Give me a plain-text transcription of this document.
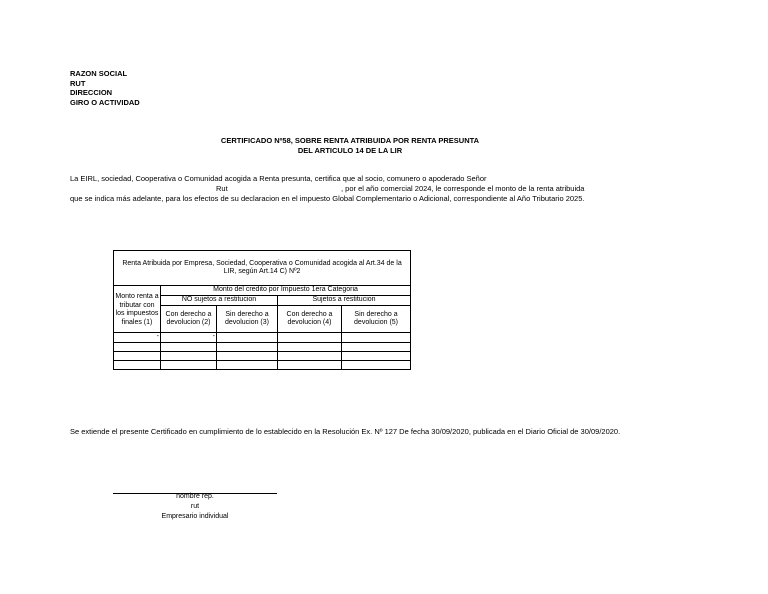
RAZON SOCIAL
RUT
DIRECCION
GIRO O ACTIVIDAD
CERTIFICADO Nº58, SOBRE RENTA ATRIBUIDA POR RENTA PRESUNTA
DEL ARTICULO 14 DE LA LIR
La EIRL, sociedad, Cooperativa o Comunidad acogida a Renta presunta, certifica que al socio, comunero o apoderado Señor
Rut	, por el año comercial 2024, le corresponde el monto de la renta atribuida
que se indica más adelante, para los efectos de su declaracion en el impuesto Global Complementario o Adicional, correspondiente al Año Tributario 2025.
Renta Atribuida por Empresa, Sociedad, Cooperativa o Comunidad acogida al Art.34 de la LIR, según Art.14 C) Nº2				
Monto renta a tributar con los impuestos finales (1)	Monto del credito por Impuesto 1era Categoria			
	NO sujetos a restitucion		Sujetos a restitucion	
	Con derecho a devolucion (2)	Sin derecho a devolucion (3)	Con derecho a devolucion (4)	Sin derecho a devolucion (5)
-	-			

Se extiende el presente Certificado en cumplimiento de lo establecido en la Resolución Ex. Nº 127 De fecha 30/09/2020, publicada en el Diario Oficial de 30/09/2020.
nombre rep.
rut
Empresario individual
